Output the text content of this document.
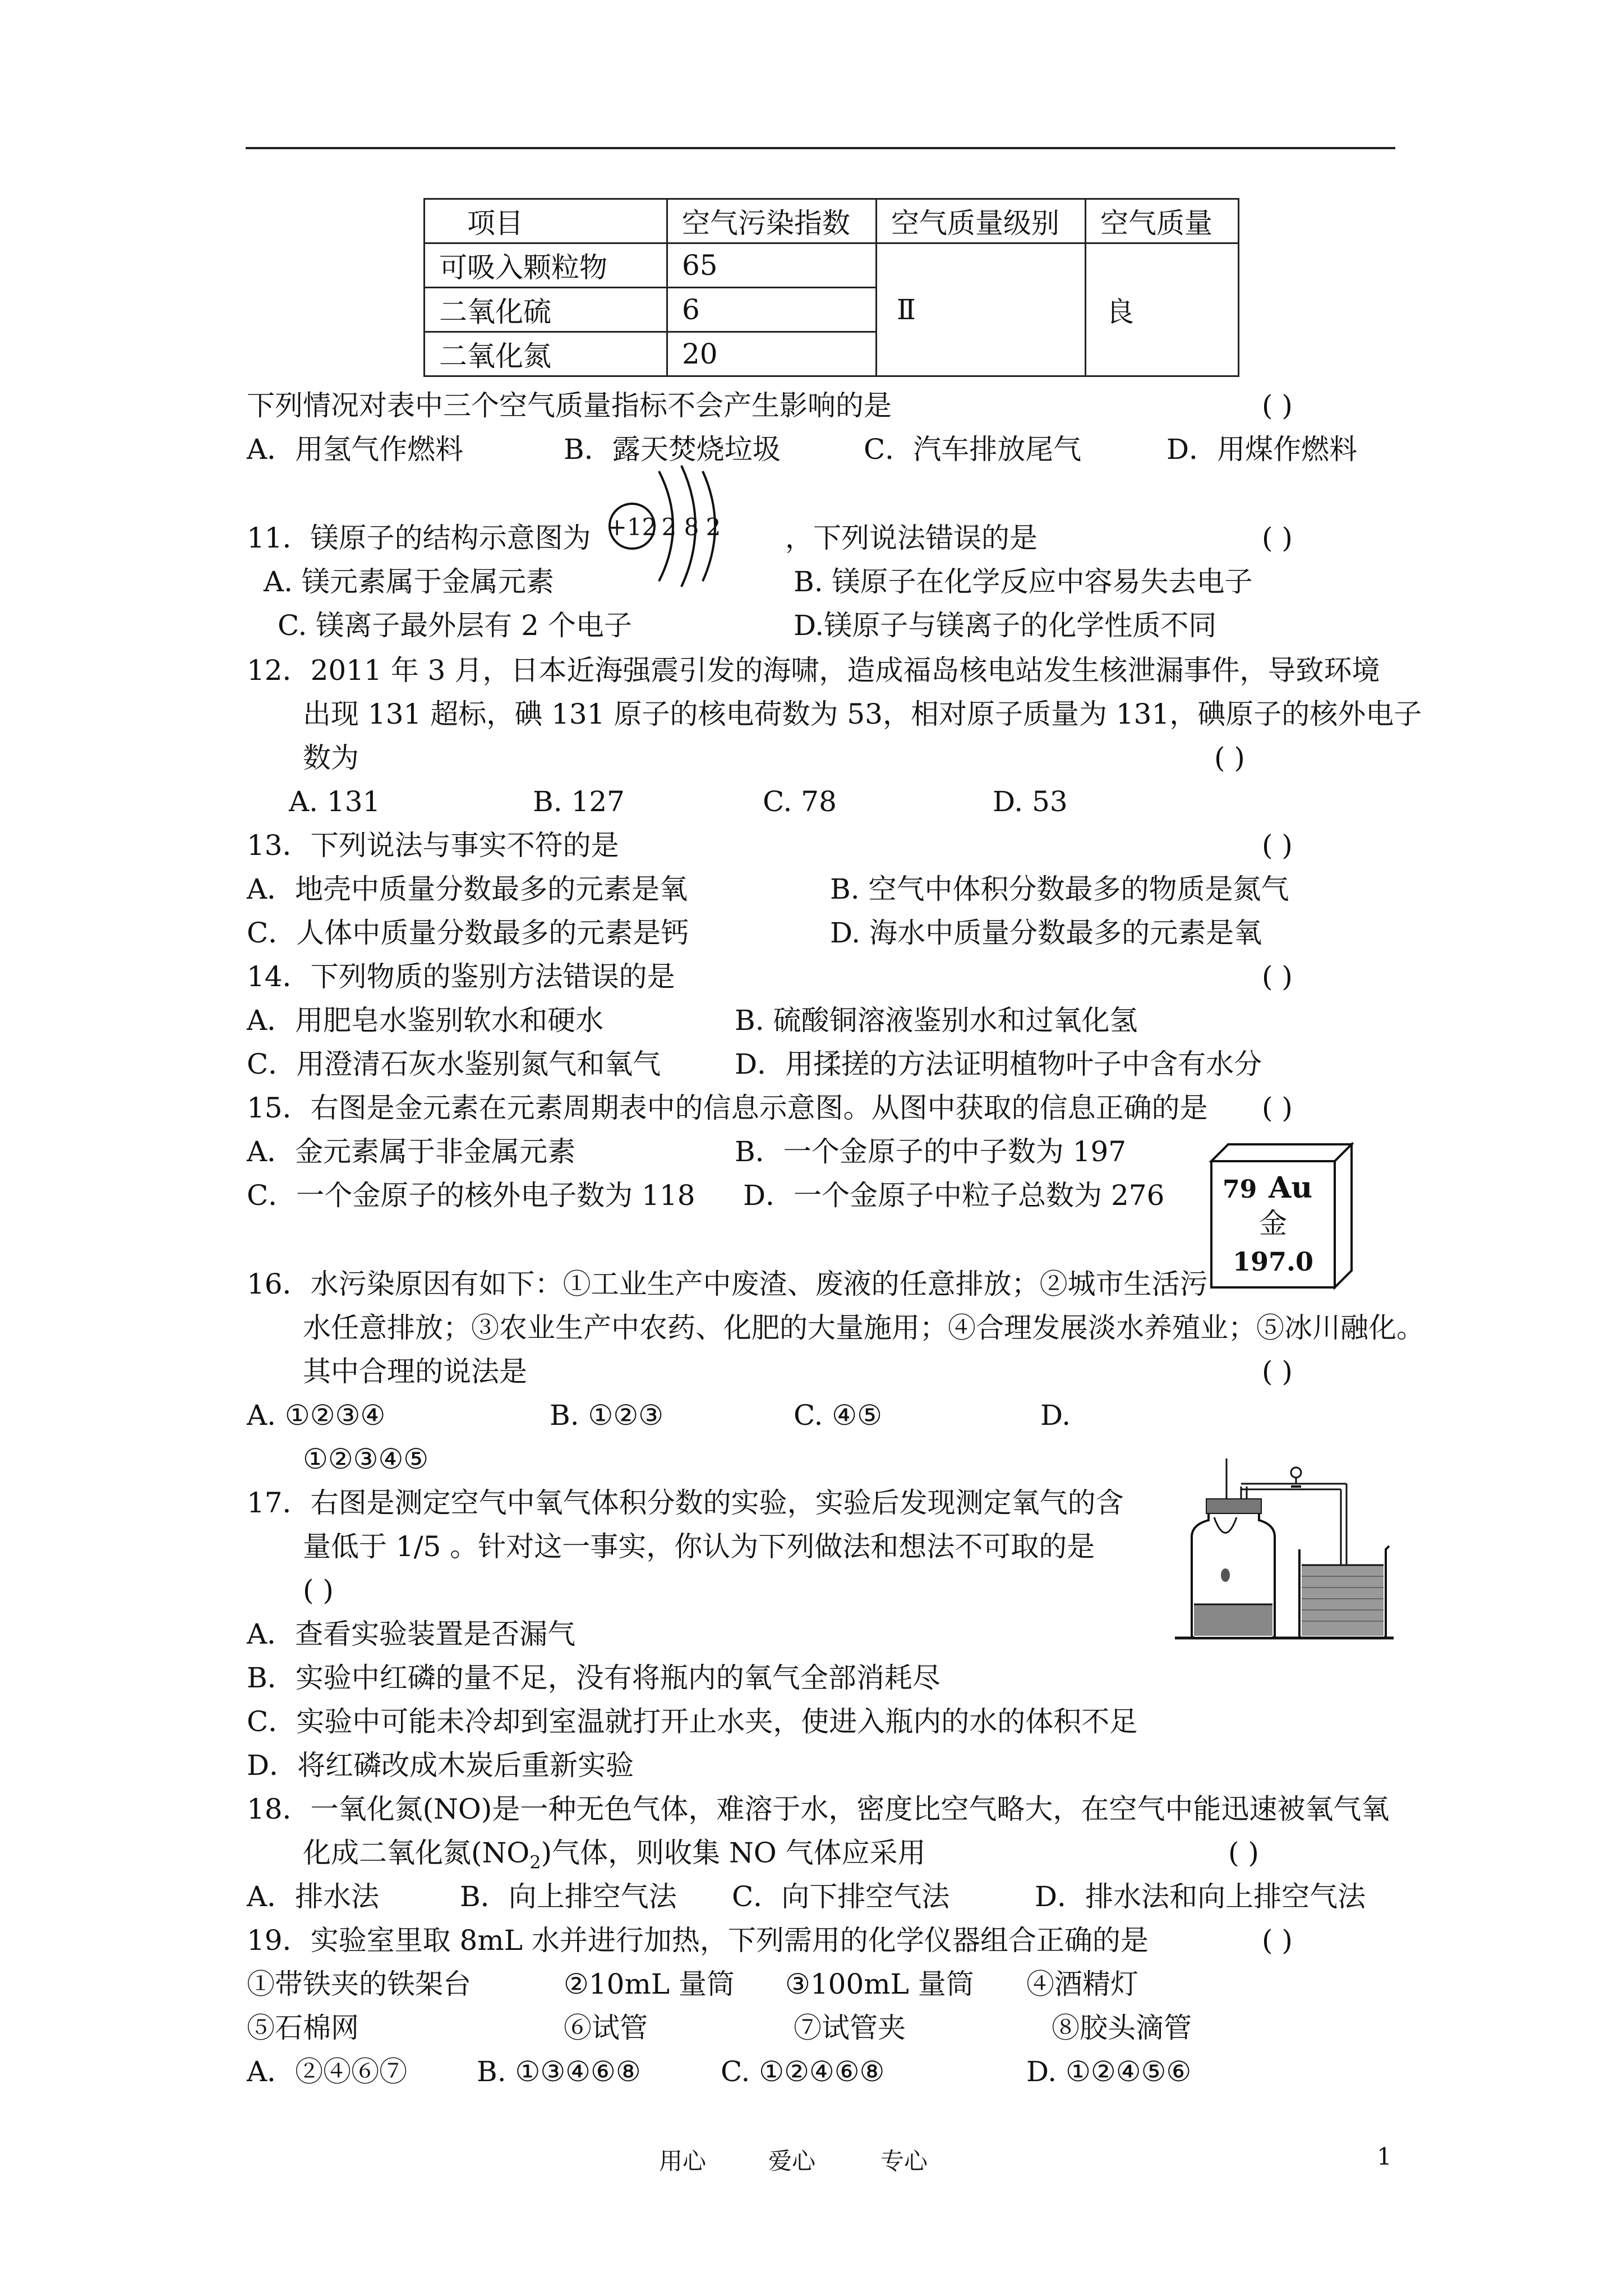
项目	空气污染指数	空气质量级别	空气质量
可吸入颗粒物	65	Ⅱ	良
二氧化硫	6		
二氧化氮	20		
下列情况对表中三个空气质量指标不会产生影响的是	( )
A．用氢气作燃料	B．露天焚烧垃圾	C．汽车排放尾气	D．用煤作燃料
11．镁原子的结构示意图为 +12 2 8 2 ，下列说法错误的是	( )
A. 镁元素属于金属元素	B. 镁原子在化学反应中容易失去电子
C. 镁离子最外层有 2 个电子	D.镁原子与镁离子的化学性质不同
12．2011 年 3 月，日本近海强震引发的海啸，造成福岛核电站发生核泄漏事件，导致环境
出现 131 超标，碘 131 原子的核电荷数为 53，相对原子质量为 131，碘原子的核外电子
数为	( )
A. 131	B. 127	C. 78	D. 53
13．下列说法与事实不符的是	( )
A．地壳中质量分数最多的元素是氧	B. 空气中体积分数最多的物质是氮气
C．人体中质量分数最多的元素是钙	D. 海水中质量分数最多的元素是氧
14．下列物质的鉴别方法错误的是	( )
A．用肥皂水鉴别软水和硬水	B. 硫酸铜溶液鉴别水和过氧化氢
C．用澄清石灰水鉴别氮气和氧气	D．用揉搓的方法证明植物叶子中含有水分
15．右图是金元素在元素周期表中的信息示意图。从图中获取的信息正确的是 ( )
A．金元素属于非金属元素	B．一个金原子的中子数为 197
C．一个金原子的核外电子数为 118 D．一个金原子中粒子总数为 276 79 Au
金
197.0
16．水污染原因有如下：①工业生产中废渣、废液的任意排放；②城市生活污
水任意排放；③农业生产中农药、化肥的大量施用；④合理发展淡水养殖业；⑤冰川融化。
其中合理的说法是	( )
A. ①②③④	B. ①②③	C. ④⑤	D.
①②③④⑤
17．右图是测定空气中氧气体积分数的实验，实验后发现测定氧气的含
量低于 1/5 。针对这一事实，你认为下列做法和想法不可取的是
( )
A．查看实验装置是否漏气
B．实验中红磷的量不足，没有将瓶内的氧气全部消耗尽
C．实验中可能未冷却到室温就打开止水夹，使进入瓶内的水的体积不足
D．将红磷改成木炭后重新实验
18．一氧化氮(NO)是一种无色气体，难溶于水，密度比空气略大，在空气中能迅速被氧气氧
化成二氧化氮$(NO_2)$气体，则收集 NO 气体应采用	( )
A．排水法	B．向上排空气法 C．向下排空气法	D．排水法和向上排空气法
19．实验室里取 8mL 水并进行加热，下列需用的化学仪器组合正确的是	( )
①带铁夹的铁架台	②10mL 量筒 ③100mL 量筒 ④酒精灯
⑤石棉网	⑥试管	⑦试管夹	⑧胶头滴管
A．②④⑥⑦ B. ①③④⑥⑧	C. ①②④⑥⑧	D. ①②④⑤⑥
用心	爱心	专心	1
